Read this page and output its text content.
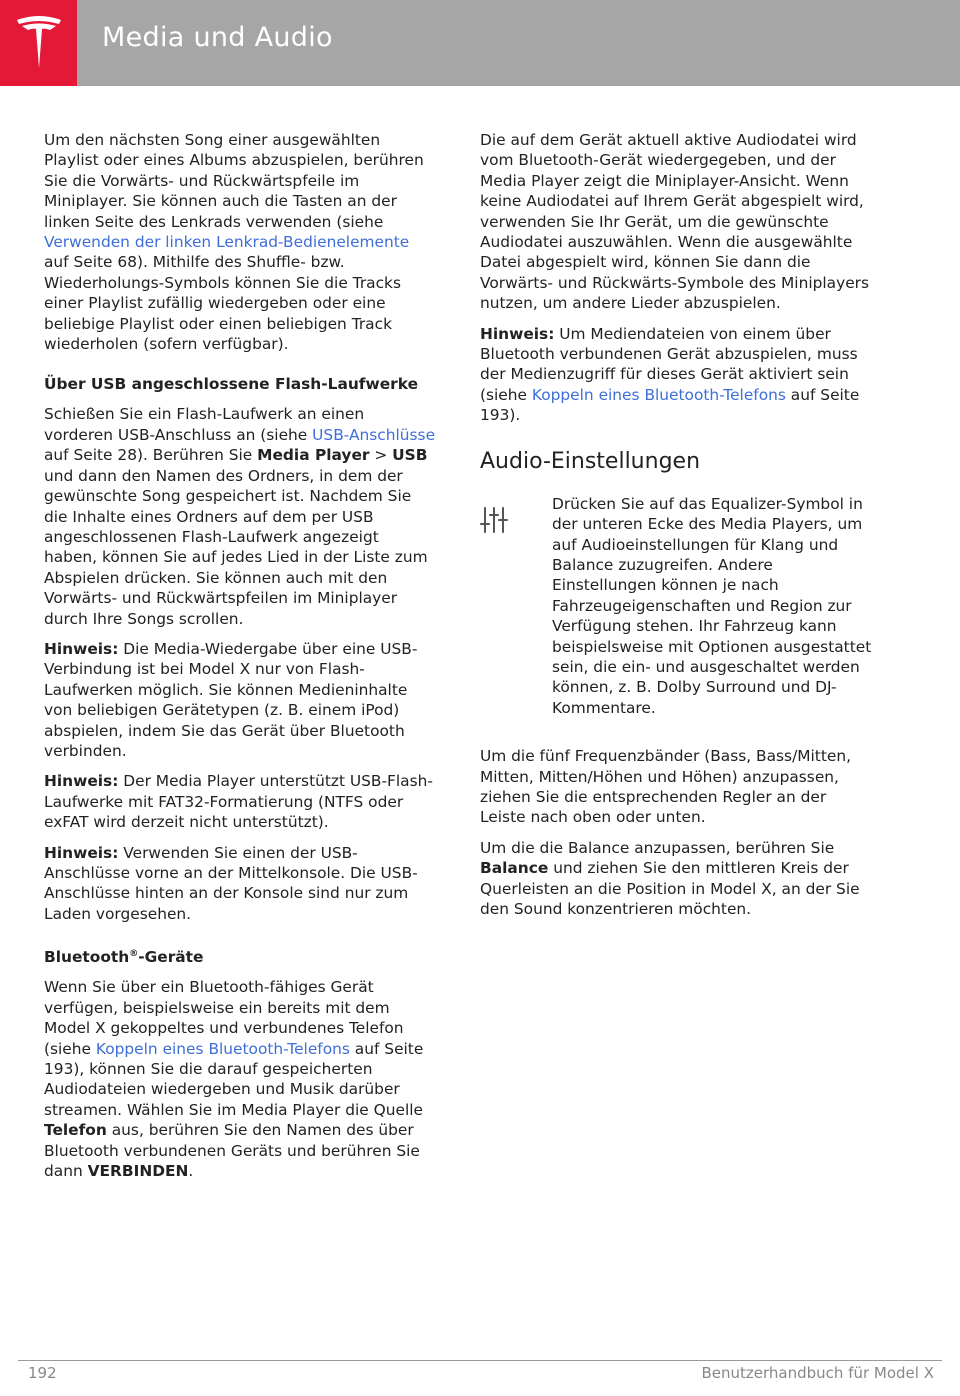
Media und Audio

Um den nächsten Song einer ausgewählten Playlist oder eines Albums abzuspielen, berühren Sie die Vorwärts- und Rückwärtspfeile im Miniplayer. Sie können auch die Tasten an der linken Seite des Lenkrads verwenden (siehe Verwenden der linken Lenkrad-Bedienelemente auf Seite 68). Mithilfe des Shuffle- bzw. Wiederholungs-Symbols können Sie die Tracks einer Playlist zufällig wiedergeben oder eine beliebige Playlist oder einen beliebigen Track wiederholen (sofern verfügbar).

Über USB angeschlossene Flash-Laufwerke

Schießen Sie ein Flash-Laufwerk an einen vorderen USB-Anschluss an (siehe USB-Anschlüsse auf Seite 28). Berühren Sie Media Player > USB und dann den Namen des Ordners, in dem der gewünschte Song gespeichert ist. Nachdem Sie die Inhalte eines Ordners auf dem per USB angeschlossenen Flash-Laufwerk angezeigt haben, können Sie auf jedes Lied in der Liste zum Abspielen drücken. Sie können auch mit den Vorwärts- und Rückwärtspfeilen im Miniplayer durch Ihre Songs scrollen.

Hinweis: Die Media-Wiedergabe über eine USB-Verbindung ist bei Model X nur von Flash-Laufwerken möglich. Sie können Medieninhalte von beliebigen Gerätetypen (z. B. einem iPod) abspielen, indem Sie das Gerät über Bluetooth verbinden.

Hinweis: Der Media Player unterstützt USB-Flash-Laufwerke mit FAT32-Formatierung (NTFS oder exFAT wird derzeit nicht unterstützt).

Hinweis: Verwenden Sie einen der USB-Anschlüsse vorne an der Mittelkonsole. Die USB-Anschlüsse hinten an der Konsole sind nur zum Laden vorgesehen.

Bluetooth®-Geräte

Wenn Sie über ein Bluetooth-fähiges Gerät verfügen, beispielsweise ein bereits mit dem Model X gekoppeltes und verbundenes Telefon (siehe Koppeln eines Bluetooth-Telefons auf Seite 193), können Sie die darauf gespeicherten Audiodateien wiedergeben und Musik darüber streamen. Wählen Sie im Media Player die Quelle Telefon aus, berühren Sie den Namen des über Bluetooth verbundenen Geräts und berühren Sie dann VERBINDEN.

Die auf dem Gerät aktuell aktive Audiodatei wird vom Bluetooth-Gerät wiedergegeben, und der Media Player zeigt die Miniplayer-Ansicht. Wenn keine Audiodatei auf Ihrem Gerät abgespielt wird, verwenden Sie Ihr Gerät, um die gewünschte Audiodatei auszuwählen. Wenn die ausgewählte Datei abgespielt wird, können Sie dann die Vorwärts- und Rückwärts-Symbole des Miniplayers nutzen, um andere Lieder abzuspielen.

Hinweis: Um Mediendateien von einem über Bluetooth verbundenen Gerät abzuspielen, muss der Medienzugriff für dieses Gerät aktiviert sein (siehe Koppeln eines Bluetooth-Telefons auf Seite 193).

Audio-Einstellungen
Drücken Sie auf das Equalizer-Symbol in der unteren Ecke des Media Players, um auf Audioeinstellungen für Klang und Balance zuzugreifen. Andere Einstellungen können je nach Fahrzeugeigenschaften und Region zur Verfügung stehen. Ihr Fahrzeug kann beispielsweise mit Optionen ausgestattet sein, die ein- und ausgeschaltet werden können, z. B. Dolby Surround und DJ-Kommentare.

Um die fünf Frequenzbänder (Bass, Bass/Mitten, Mitten, Mitten/Höhen und Höhen) anzupassen, ziehen Sie die entsprechenden Regler an der Leiste nach oben oder unten.

Um die die Balance anzupassen, berühren Sie Balance und ziehen Sie den mittleren Kreis der Querleisten an die Position in Model X, an der Sie den Sound konzentrieren möchten.

192	Benutzerhandbuch für Model X
